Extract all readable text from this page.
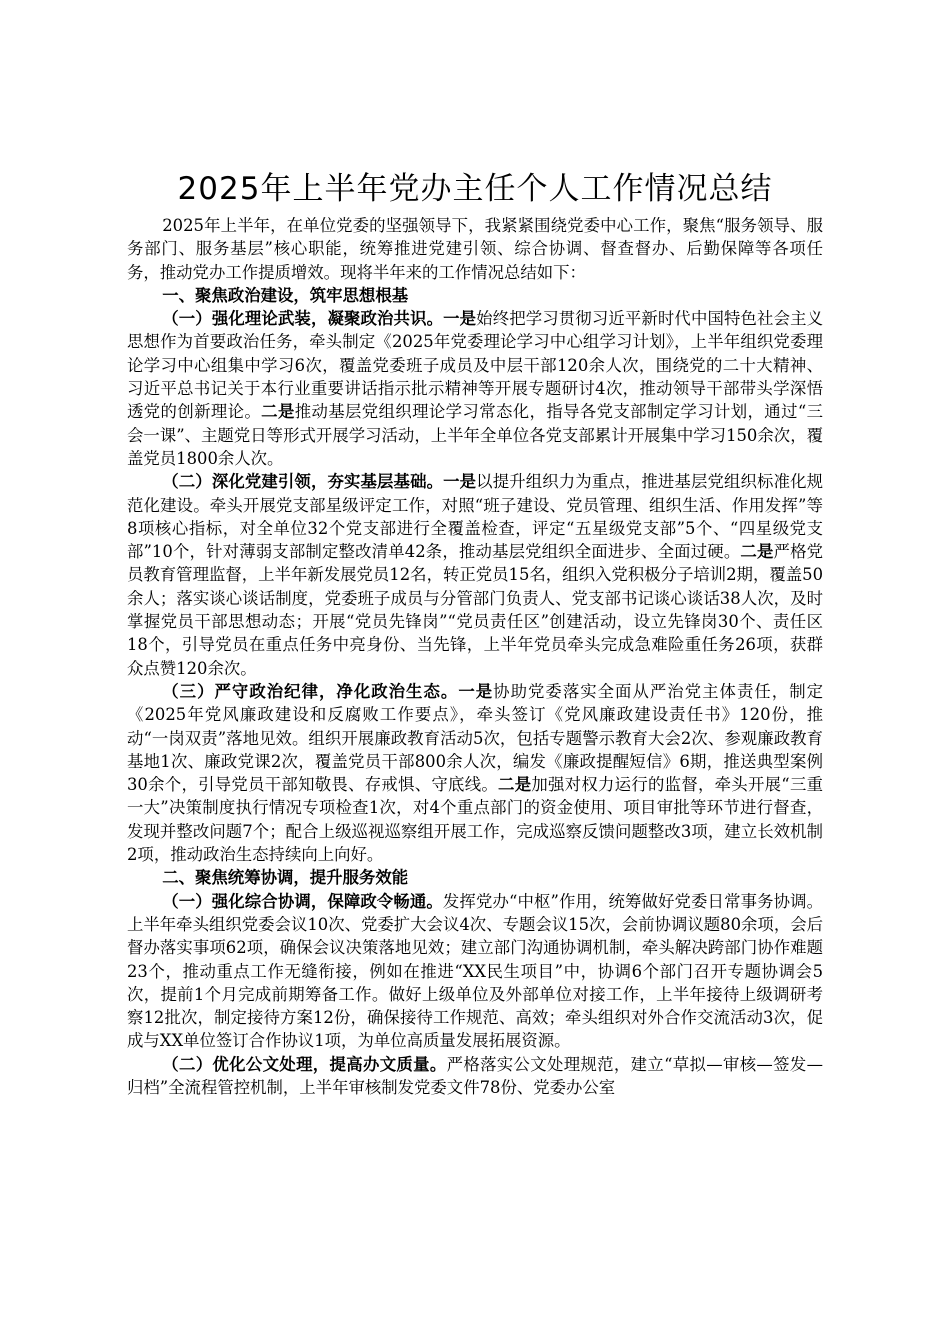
2025年上半年党办主任个人工作情况总结

2025年上半年，在单位党委的坚强领导下，我紧紧围绕党委中心工作，聚焦“服务领导、服务部门、服务基层”核心职能，统筹推进党建引领、综合协调、督查督办、后勤保障等各项任务，推动党办工作提质增效。现将半年来的工作情况总结如下：

一、聚焦政治建设，筑牢思想根基

（一）强化理论武装，凝聚政治共识。一是始终把学习贯彻习近平新时代中国特色社会主义思想作为首要政治任务，牵头制定《2025年党委理论学习中心组学习计划》，上半年组织党委理论学习中心组集中学习6次，覆盖党委班子成员及中层干部120余人次，围绕党的二十大精神、习近平总书记关于本行业重要讲话指示批示精神等开展专题研讨4次，推动领导干部带头学深悟透党的创新理论。二是推动基层党组织理论学习常态化，指导各党支部制定学习计划，通过“三会一课”、主题党日等形式开展学习活动，上半年全单位各党支部累计开展集中学习150余次，覆盖党员1800余人次。

（二）深化党建引领，夯实基层基础。一是以提升组织力为重点，推进基层党组织标准化规范化建设。牵头开展党支部星级评定工作，对照“班子建设、党员管理、组织生活、作用发挥”等8项核心指标，对全单位32个党支部进行全覆盖检查，评定“五星级党支部”5个、“四星级党支部”10个，针对薄弱支部制定整改清单42条，推动基层党组织全面进步、全面过硬。二是严格党员教育管理监督，上半年新发展党员12名，转正党员15名，组织入党积极分子培训2期，覆盖50余人；落实谈心谈话制度，党委班子成员与分管部门负责人、党支部书记谈心谈话38人次，及时掌握党员干部思想动态；开展“党员先锋岗”“党员责任区”创建活动，设立先锋岗30个、责任区18个，引导党员在重点任务中亮身份、当先锋，上半年党员牵头完成急难险重任务26项，获群众点赞120余次。

（三）严守政治纪律，净化政治生态。一是协助党委落实全面从严治党主体责任，制定《2025年党风廉政建设和反腐败工作要点》，牵头签订《党风廉政建设责任书》120份，推动“一岗双责”落地见效。组织开展廉政教育活动5次，包括专题警示教育大会2次、参观廉政教育基地1次、廉政党课2次，覆盖党员干部800余人次，编发《廉政提醒短信》6期，推送典型案例30余个，引导党员干部知敬畏、存戒惧、守底线。二是加强对权力运行的监督，牵头开展“三重一大”决策制度执行情况专项检查1次，对4个重点部门的资金使用、项目审批等环节进行督查，发现并整改问题7个；配合上级巡视巡察组开展工作，完成巡察反馈问题整改3项，建立长效机制2项，推动政治生态持续向上向好。

二、聚焦统筹协调，提升服务效能

（一）强化综合协调，保障政令畅通。发挥党办“中枢”作用，统筹做好党委日常事务协调。上半年牵头组织党委会议10次、党委扩大会议4次、专题会议15次，会前协调议题80余项，会后督办落实事项62项，确保会议决策落地见效；建立部门沟通协调机制，牵头解决跨部门协作难题23个，推动重点工作无缝衔接，例如在推进“XX民生项目”中，协调6个部门召开专题协调会5次，提前1个月完成前期筹备工作。做好上级单位及外部单位对接工作，上半年接待上级调研考察12批次，制定接待方案12份，确保接待工作规范、高效；牵头组织对外合作交流活动3次，促成与XX单位签订合作协议1项，为单位高质量发展拓展资源。

（二）优化公文处理，提高办文质量。严格落实公文处理规范，建立“草拟—审核—签发—归档”全流程管控机制，上半年审核制发党委文件78份、党委办公室
